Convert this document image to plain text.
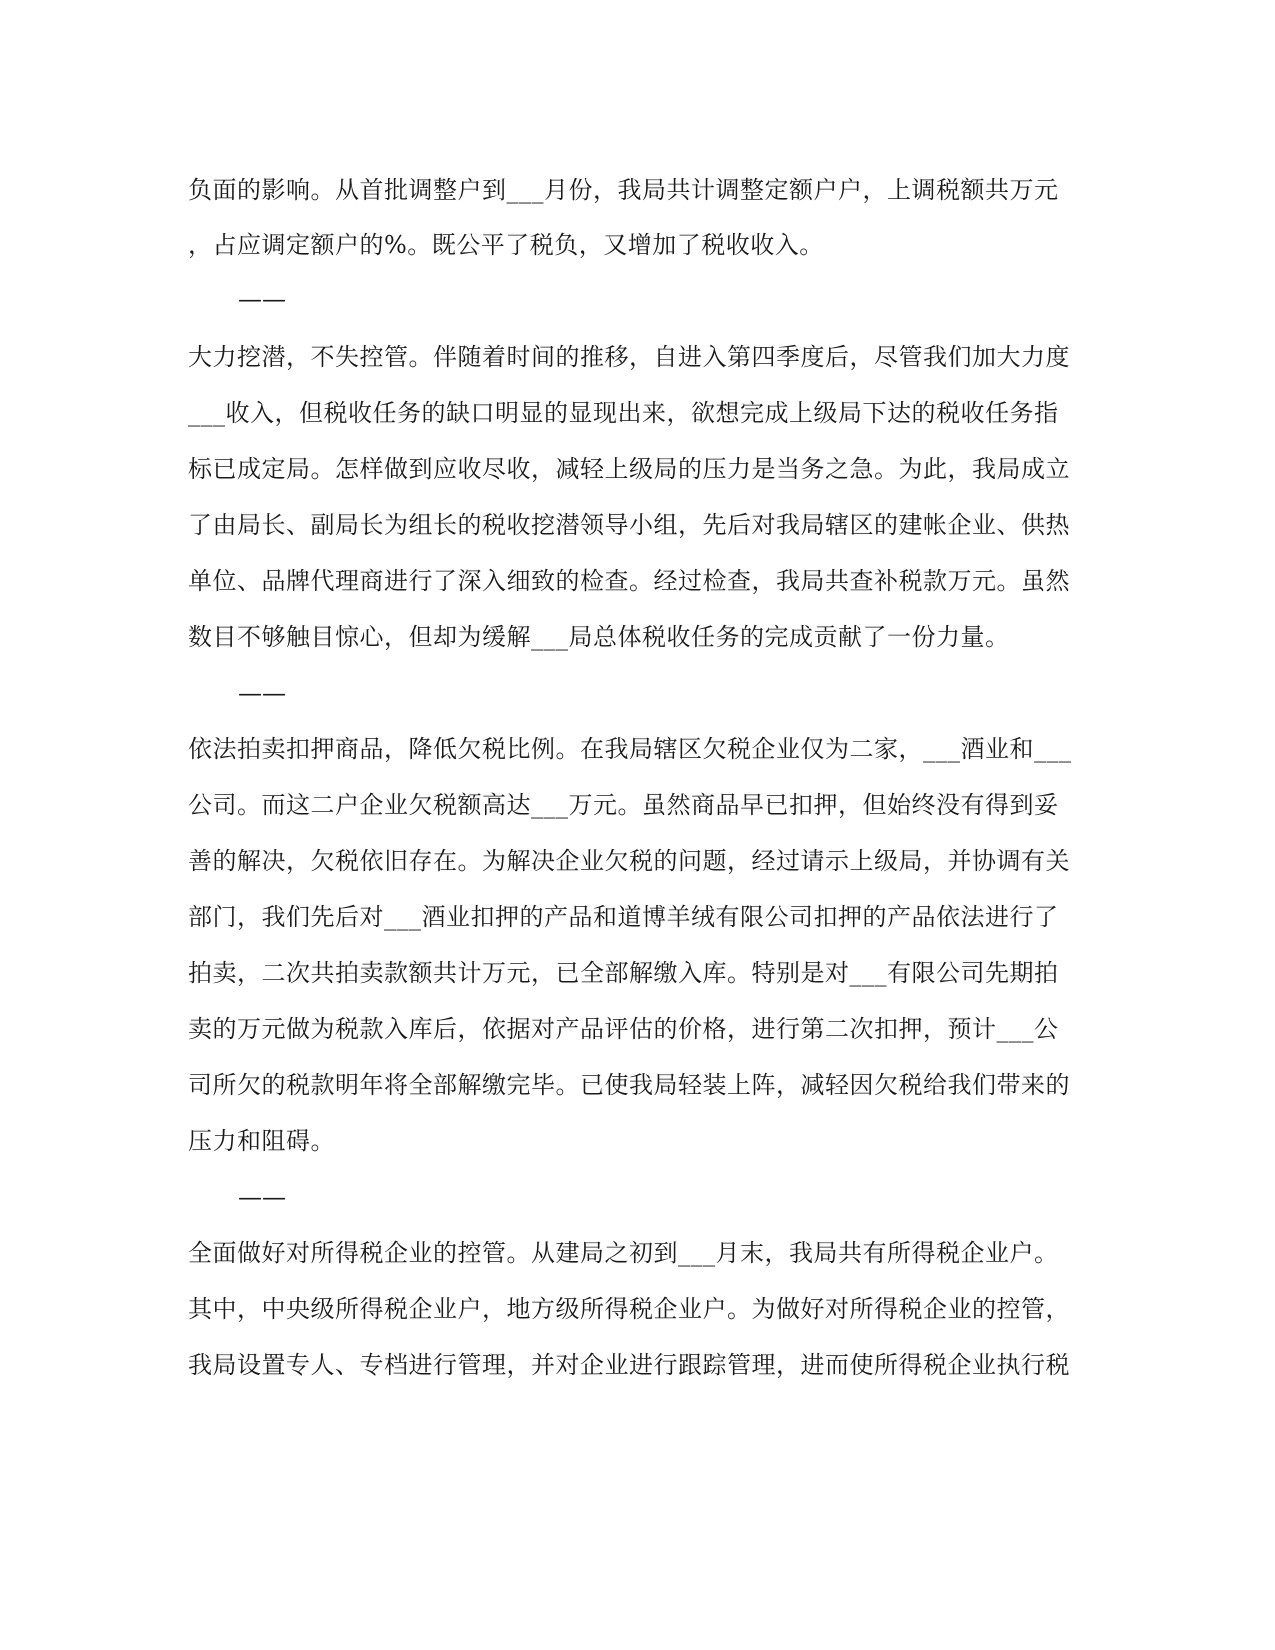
负面的影响。从首批调整户到___月份，我局共计调整定额户户，上调税额共万元
，占应调定额户的%。既公平了税负，又增加了税收收入。
——
大力挖潜，不失控管。伴随着时间的推移，自进入第四季度后，尽管我们加大力度
___收入，但税收任务的缺口明显的显现出来，欲想完成上级局下达的税收任务指
标已成定局。怎样做到应收尽收，减轻上级局的压力是当务之急。为此，我局成立
了由局长、副局长为组长的税收挖潜领导小组，先后对我局辖区的建帐企业、供热
单位、品牌代理商进行了深入细致的检查。经过检查，我局共查补税款万元。虽然
数目不够触目惊心，但却为缓解___局总体税收任务的完成贡献了一份力量。
——
依法拍卖扣押商品，降低欠税比例。在我局辖区欠税企业仅为二家，___酒业和___
公司。而这二户企业欠税额高达___万元。虽然商品早已扣押，但始终没有得到妥
善的解决，欠税依旧存在。为解决企业欠税的问题，经过请示上级局，并协调有关
部门，我们先后对___酒业扣押的产品和道博羊绒有限公司扣押的产品依法进行了
拍卖，二次共拍卖款额共计万元，已全部解缴入库。特别是对___有限公司先期拍
卖的万元做为税款入库后，依据对产品评估的价格，进行第二次扣押，预计___公
司所欠的税款明年将全部解缴完毕。已使我局轻装上阵，减轻因欠税给我们带来的
压力和阻碍。
——
全面做好对所得税企业的控管。从建局之初到___月末，我局共有所得税企业户。
其中，中央级所得税企业户，地方级所得税企业户。为做好对所得税企业的控管，
我局设置专人、专档进行管理，并对企业进行跟踪管理，进而使所得税企业执行税
